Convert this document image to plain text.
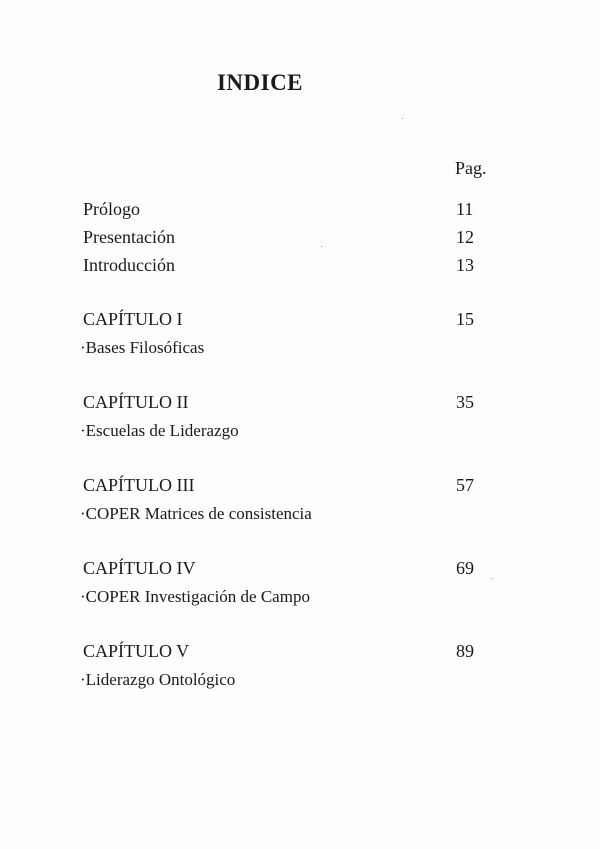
INDICE
Pag.
Prólogo	11
Presentación	12
Introducción	13
CAPÍTULO I	15
·Bases Filosóficas
CAPÍTULO II	35
·Escuelas de Liderazgo
CAPÍTULO III	57
·COPER Matrices de consistencia
CAPÍTULO IV	69
·COPER Investigación de Campo
CAPÍTULO V	89
·Liderazgo Ontológico
